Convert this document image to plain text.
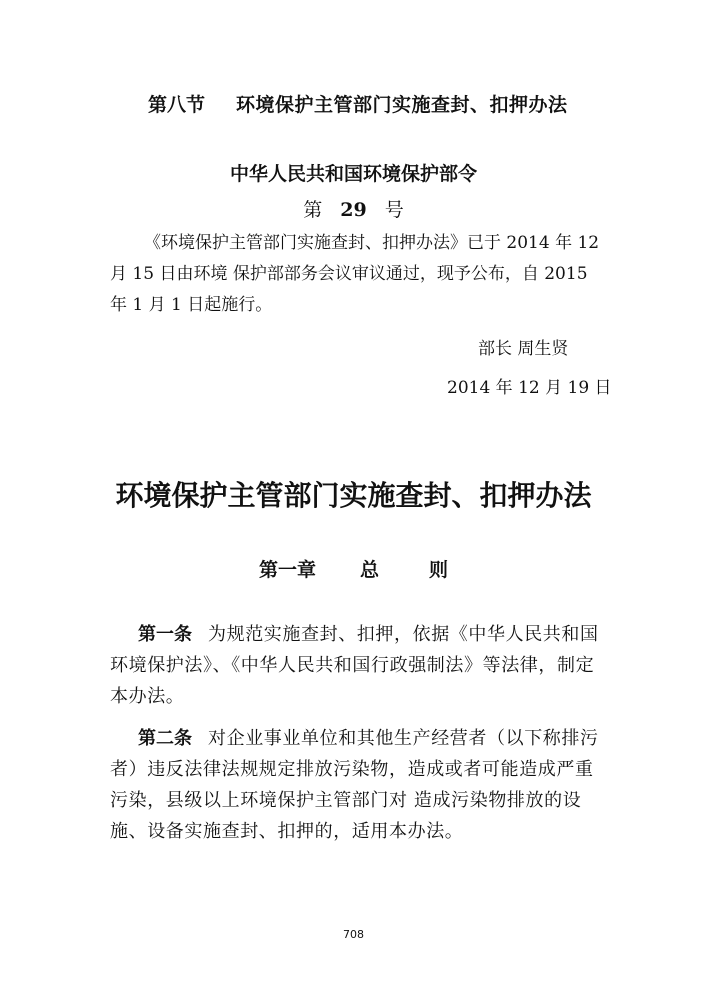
第八节 环境保护主管部门实施查封、扣押办法
中华人民共和国环境保护部令
第 29 号
《环境保护主管部门实施查封、扣押办法》已于 2014 年 12 月 15 日由环境 保护部部务会议审议通过，现予公布，自 2015 年 1 月 1 日起施行。
部长 周生贤
2014 年 12 月 19 日
环境保护主管部门实施查封、扣押办法
第一章 总	则
第一条 为规范实施查封、扣押，依据《中华人民共和国环境保护法》、《中华人民共和国行政强制法》等法律，制定本办法。
第二条 对企业事业单位和其他生产经营者（以下称排污者）违反法律法规规定排放污染物，造成或者可能造成严重污染，县级以上环境保护主管部门对 造成污染物排放的设施、设备实施查封、扣押的，适用本办法。
708
